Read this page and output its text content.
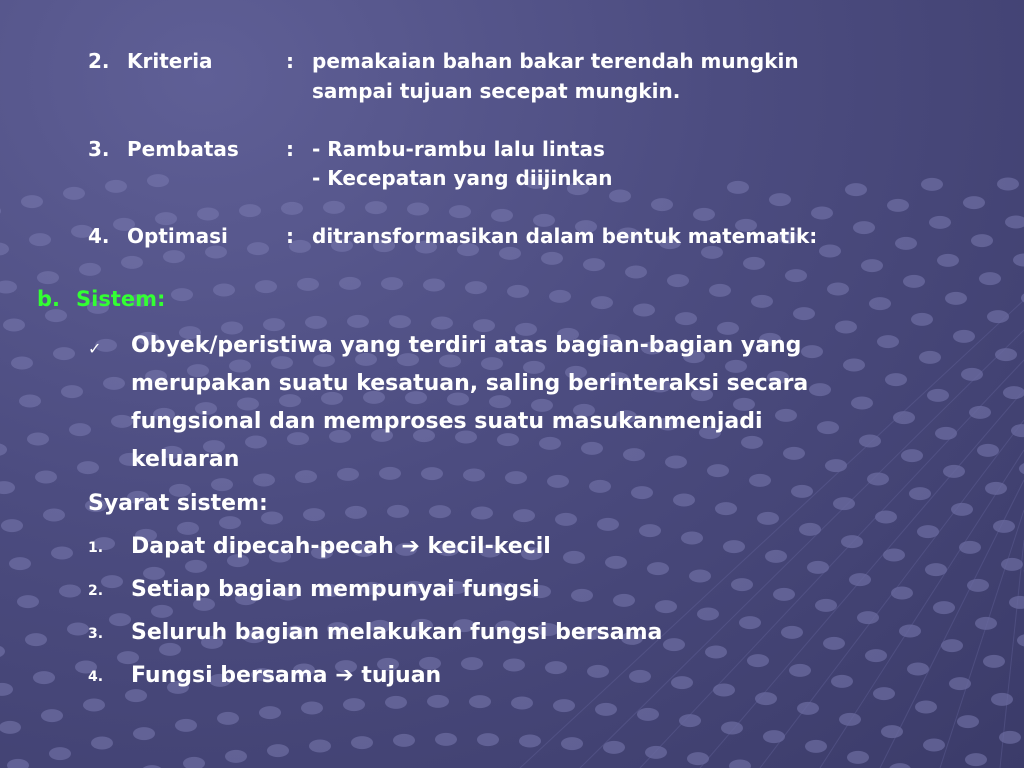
2. Kriteria	: pemakaian bahan bakar terendah mungkin
sampai tujuan secepat mungkin.
3. Pembatas : - Rambu-rambu lalu lintas
- Kecepatan yang diijinkan
4. Optimasi	: ditransformasikan dalam bentuk matematik:
b. Sistem:
✓ Obyek/peristiwa yang terdiri atas bagian-bagian yang
merupakan suatu kesatuan, saling berinteraksi secara
fungsional dan memproses suatu masukanmenjadi
keluaran
Syarat sistem:
1. Dapat dipecah-pecah ➔ kecil-kecil
2. Setiap bagian mempunyai fungsi
3. Seluruh bagian melakukan fungsi bersama
4. Fungsi bersama ➔ tujuan
